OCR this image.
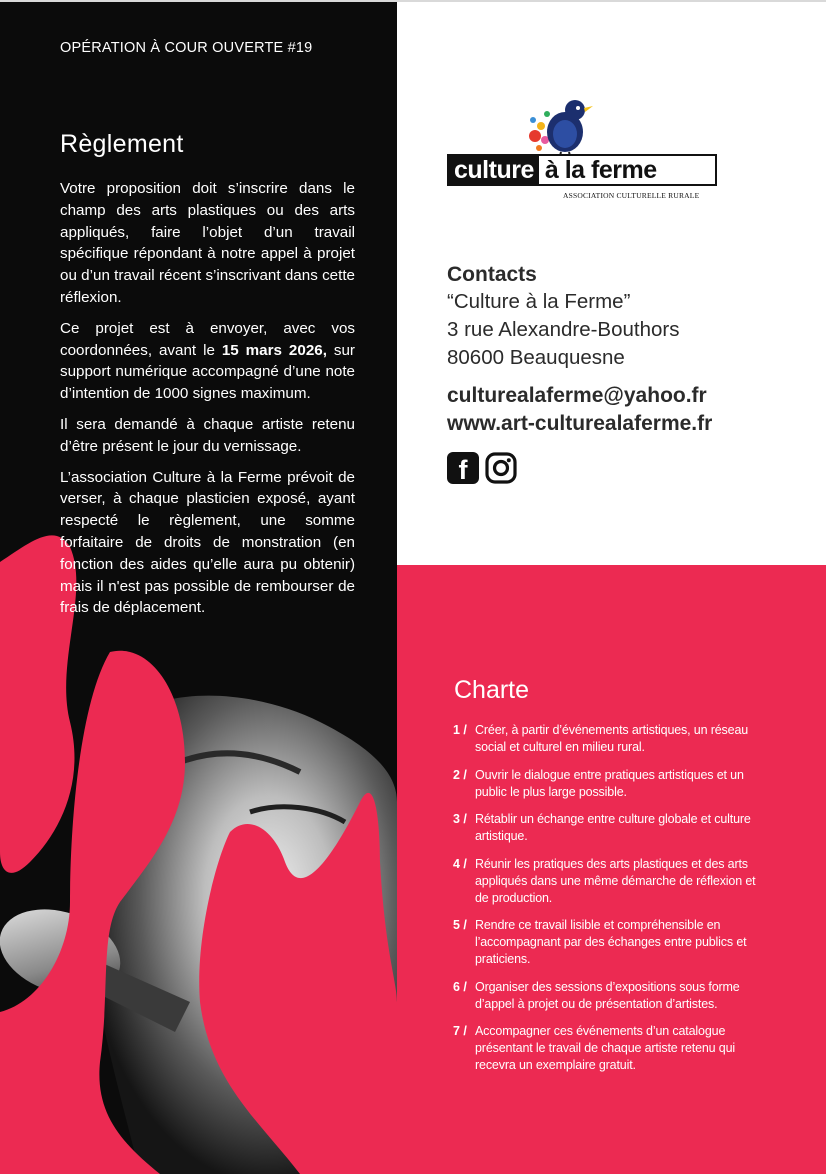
OPÉRATION À COUR OUVERTE #19
Règlement

Votre proposition doit s’inscrire dans le champ des arts plastiques ou des arts appliqués, faire l’objet d’un travail spécifique répondant à notre appel à projet ou d’un travail récent s’inscrivant dans cette réflexion.

Ce projet est à envoyer, avec vos coordonnées, avant le 15 mars 2026, sur support numérique accompagné d’une note d’intention de 1000 signes maximum.

Il sera demandé à chaque artiste retenu d’être présent le jour du vernissage.

L’association Culture à la Ferme prévoit de verser, à chaque plasticien exposé, ayant respecté le règlement, une somme forfaitaire de droits de monstration (en fonction des aides qu’elle aura pu obtenir) mais il n'est pas possible de rembourser de frais de déplacement.

culture à la ferme
ASSOCIATION CULTURELLE RURALE
Contacts
“Culture à la Ferme”
3 rue Alexandre-Bouthors
80600 Beauquesne
culturealaferme@yahoo.fr
www.art-culturealaferme.fr
f
Charte
1 / Créer, à partir d’événements artistiques, un réseau social et culturel en milieu rural.
2 / Ouvrir le dialogue entre pratiques artistiques et un public le plus large possible.
3 / Rétablir un échange entre culture globale et culture artistique.
4 / Réunir les pratiques des arts plastiques et des arts appliqués dans une même démarche de réflexion et de production.
5 / Rendre ce travail lisible et compréhensible en l’accompagnant par des échanges entre publics et praticiens.
6 / Organiser des sessions d’expositions sous forme d’appel à projet ou de présentation d’artistes.
7 / Accompagner ces événements d’un catalogue présentant le travail de chaque artiste retenu qui recevra un exemplaire gratuit.
